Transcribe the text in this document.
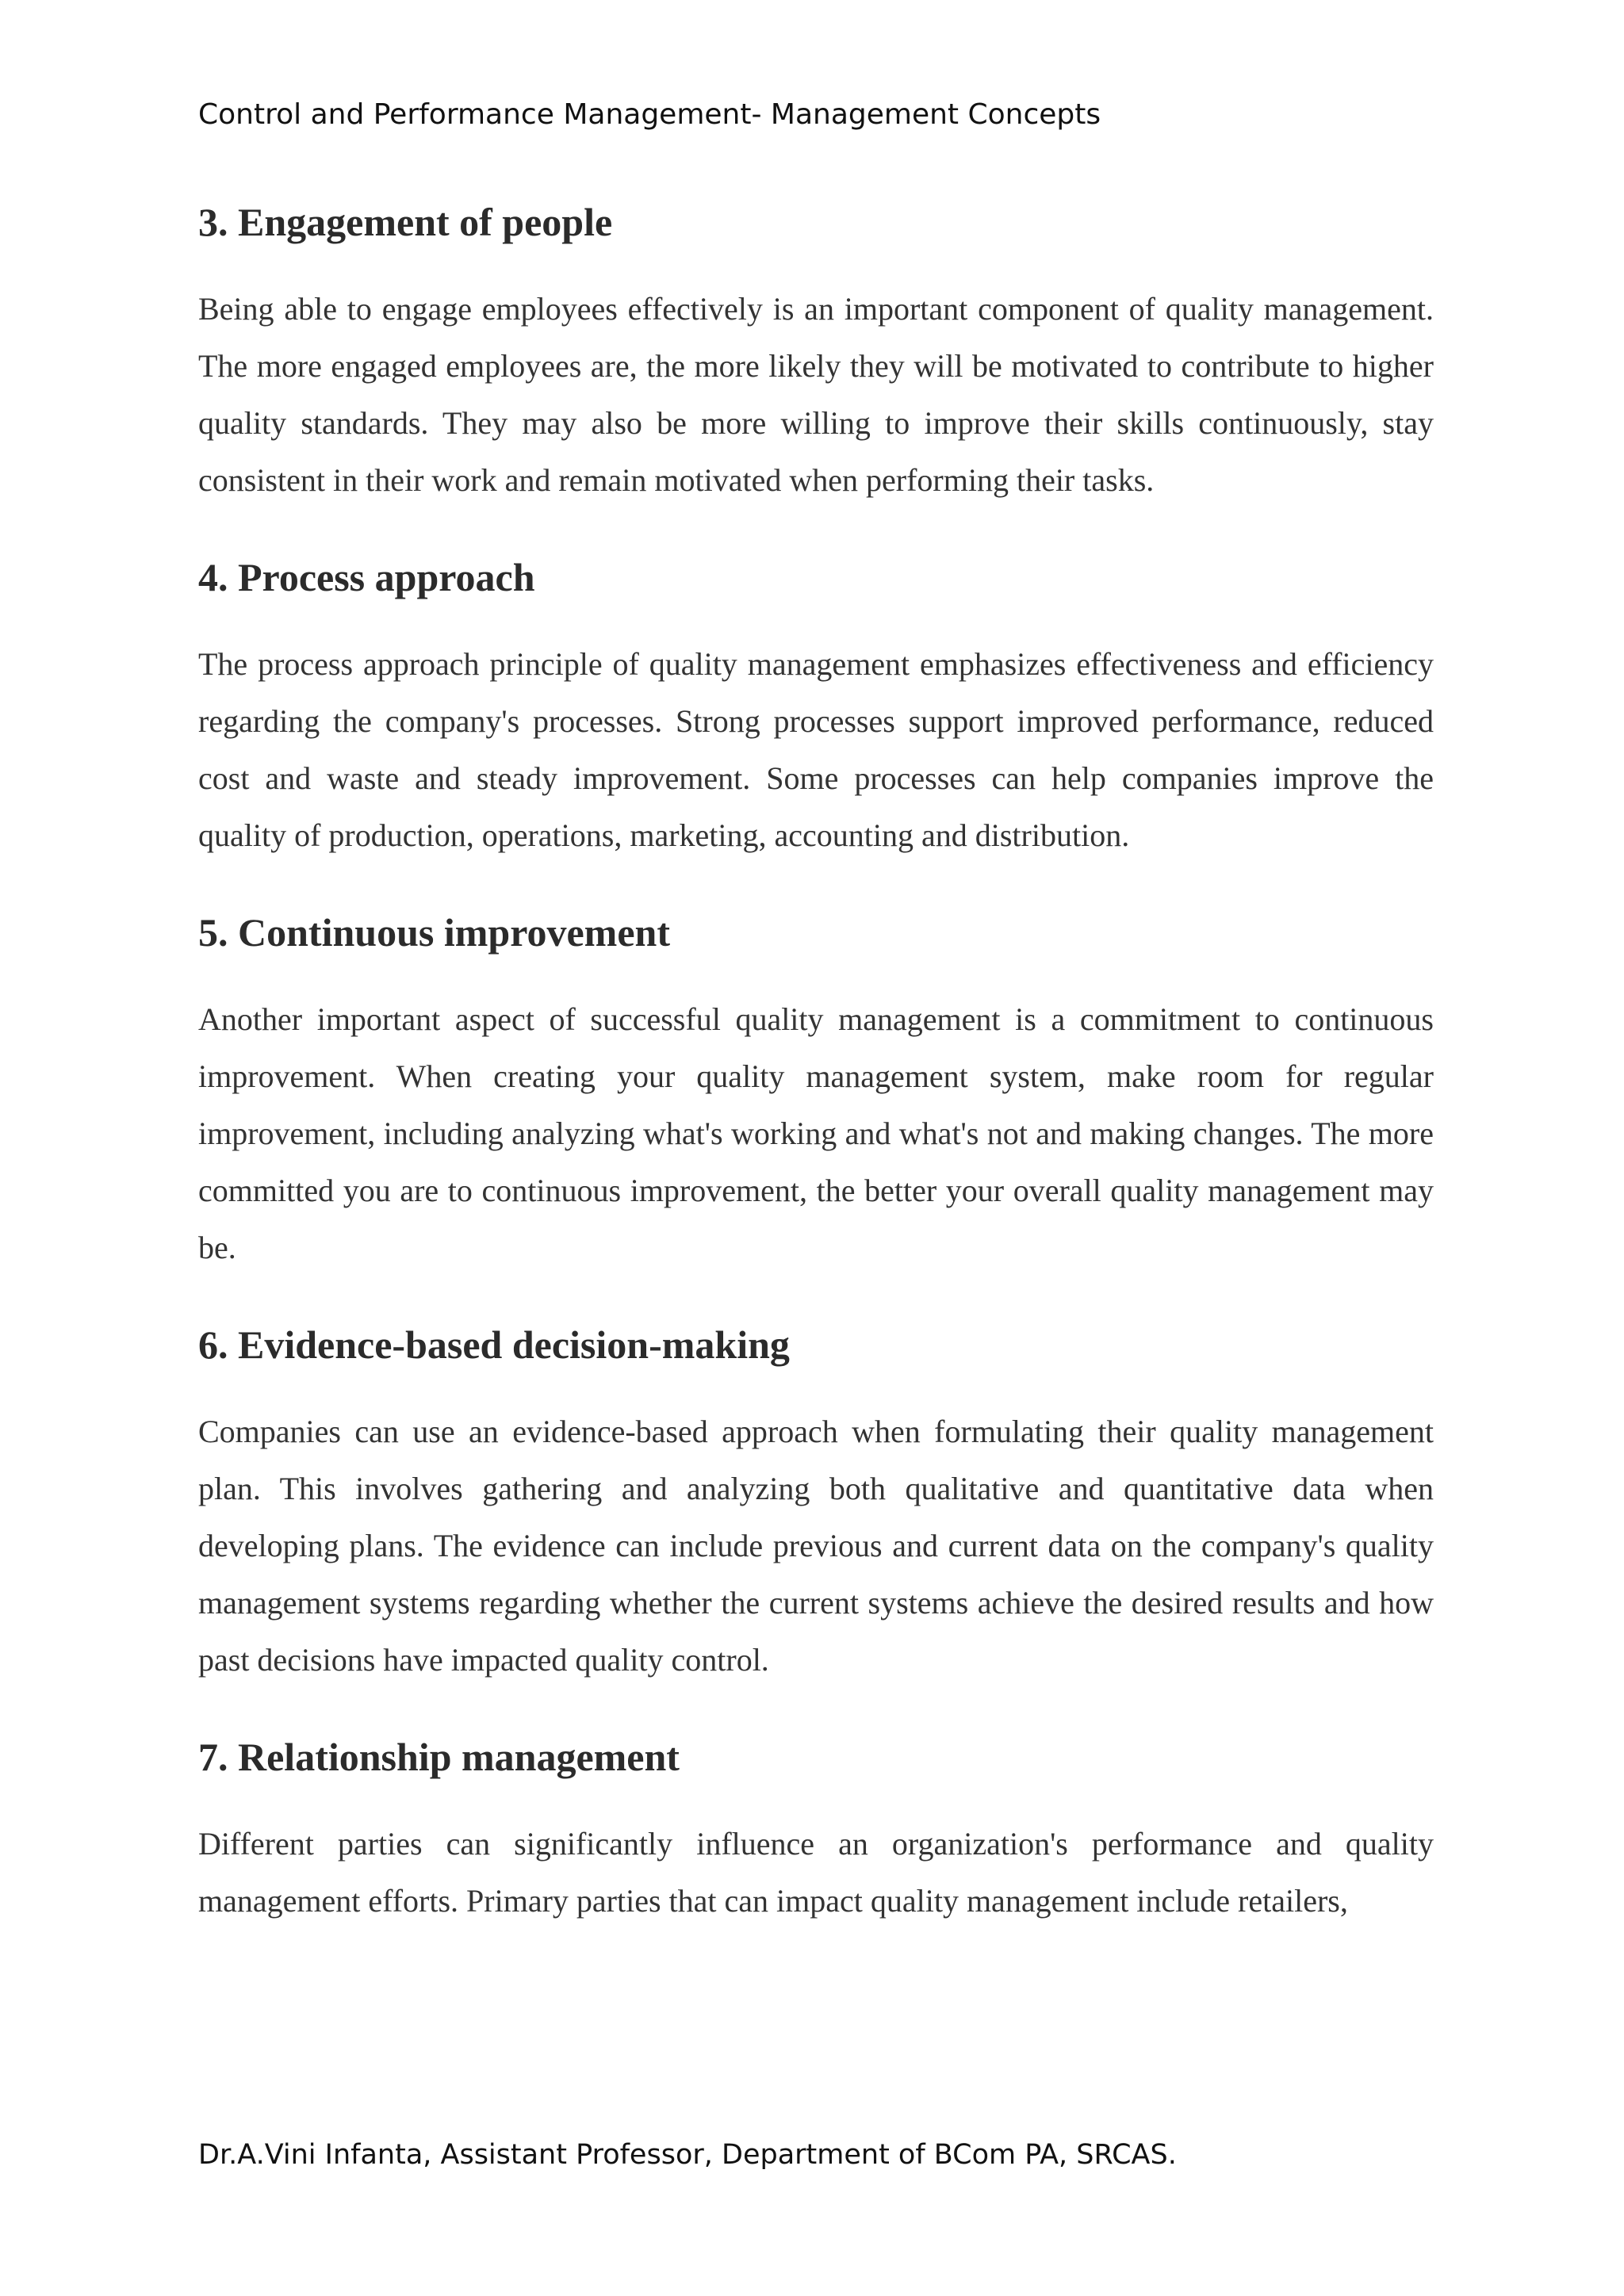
Control and Performance Management- Management Concepts

3. Engagement of people

Being able to engage employees effectively is an important component of quality management. The more engaged employees are, the more likely they will be motivated to contribute to higher quality standards. They may also be more willing to improve their skills continuously, stay consistent in their work and remain motivated when performing their tasks.

4. Process approach

The process approach principle of quality management emphasizes effectiveness and efficiency regarding the company's processes. Strong processes support improved performance, reduced cost and waste and steady improvement. Some processes can help companies improve the quality of production, operations, marketing, accounting and distribution.

5. Continuous improvement

Another important aspect of successful quality management is a commitment to continuous improvement. When creating your quality management system, make room for regular improvement, including analyzing what's working and what's not and making changes. The more committed you are to continuous improvement, the better your overall quality management may be.

6. Evidence-based decision-making

Companies can use an evidence-based approach when formulating their quality management plan. This involves gathering and analyzing both qualitative and quantitative data when developing plans. The evidence can include previous and current data on the company's quality management systems regarding whether the current systems achieve the desired results and how past decisions have impacted quality control.

7. Relationship management

Different parties can significantly influence an organization's performance and quality management efforts. Primary parties that can impact quality management include retailers,

Dr.A.Vini Infanta, Assistant Professor, Department of BCom PA, SRCAS.
